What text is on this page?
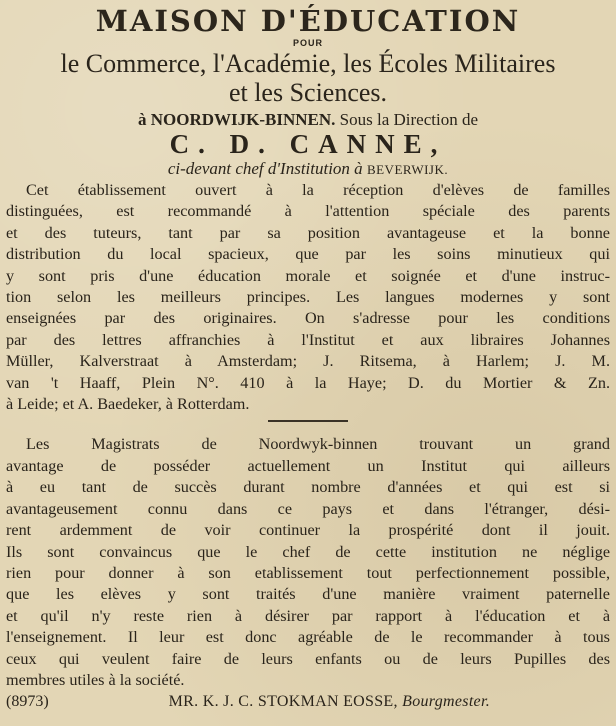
MAISON D'ÉDUCATION

POUR

le Commerce, l'Académie, les Écoles Militaires

et les Sciences.

à NOORDWIJK-BINNEN. Sous la Direction de

C. D. CANNE,

ci-devant chef d'Institution à BEVERWIJK.

Cet établissement ouvert à la réception d'elèves de familles
distinguées, est recommandé à l'attention spéciale des parents
et des tuteurs, tant par sa position avantageuse et la bonne
distribution du local spacieux, que par les soins minutieux qui
y sont pris d'une éducation morale et soignée et d'une instruc-
tion selon les meilleurs principes. Les langues modernes y sont
enseignées par des originaires. On s'adresse pour les conditions
par des lettres affranchies à l'Institut et aux libraires Johannes
Müller, Kalverstraat à Amsterdam; J. Ritsema, à Harlem; J. M.
van 't Haaff, Plein N°. 410 à la Haye; D. du Mortier & Zn.
à Leide; et A. Baedeker, à Rotterdam.
Les Magistrats de Noordwyk-binnen trouvant un grand
avantage de posséder actuellement un Institut qui ailleurs
à eu tant de succès durant nombre d'années et qui est si
avantageusement connu dans ce pays et dans l'étranger, dési-
rent ardemment de voir continuer la prospérité dont il jouit.
Ils sont convaincus que le chef de cette institution ne néglige
rien pour donner à son etablissement tout perfectionnement possible,
que les elèves y sont traités d'une manière vraiment paternelle
et qu'il n'y reste rien à désirer par rapport à l'éducation et à
l'enseignement. Il leur est donc agréable de le recommander à tous
ceux qui veulent faire de leurs enfants ou de leurs Pupilles des
membres utiles à la société.
(8973)	MR. K. J. C. STOKMAN EOSSE, Bourgmester.
